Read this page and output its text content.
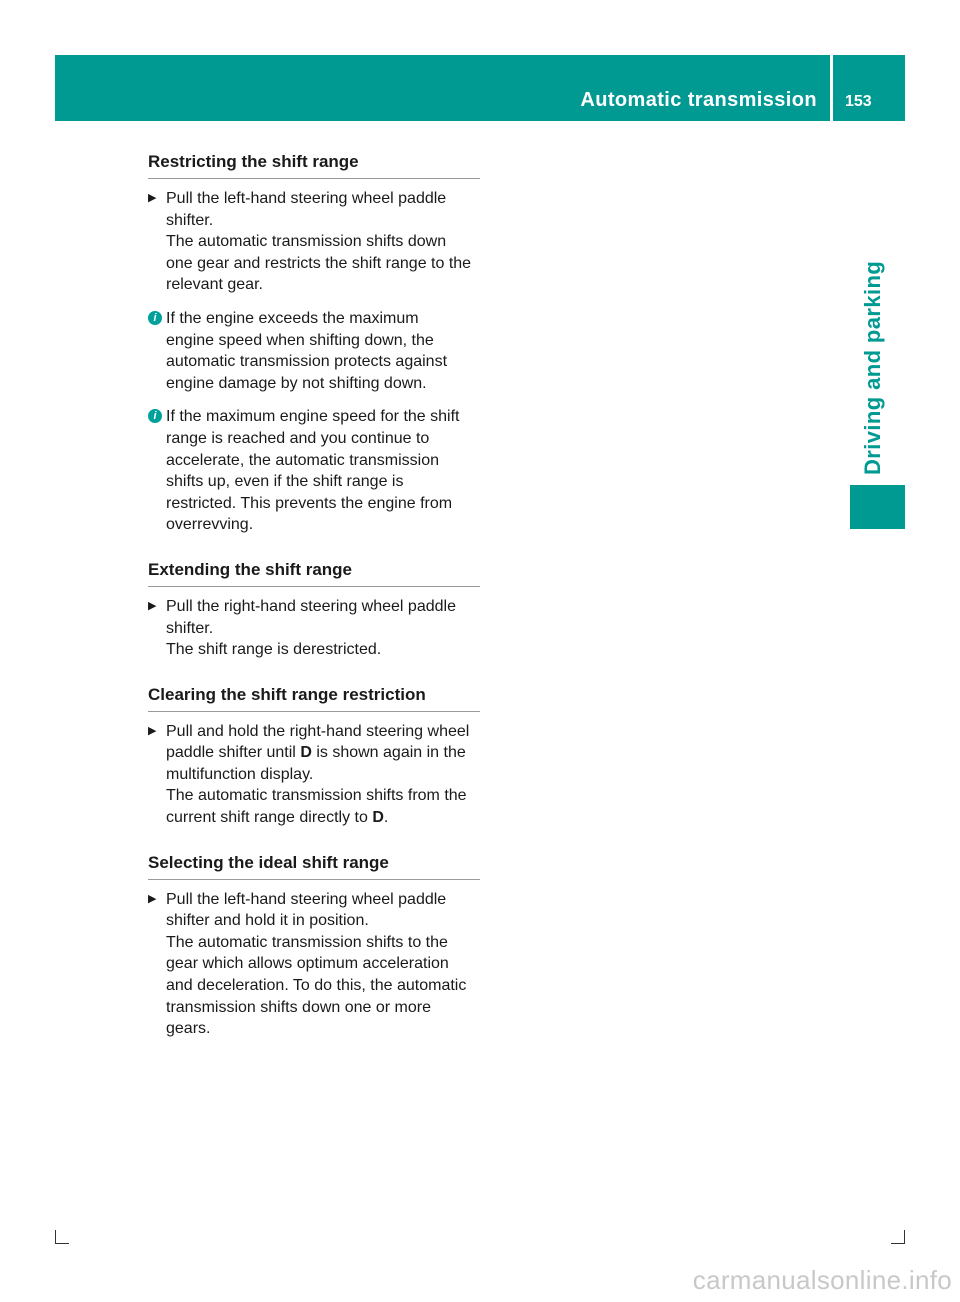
Automatic transmission 153
Driving and parking
Restricting the shift range
▶ Pull the left-hand steering wheel paddle
shifter.
The automatic transmission shifts down
one gear and restricts the shift range to the
relevant gear.
i If the engine exceeds the maximum
engine speed when shifting down, the
automatic transmission protects against
engine damage by not shifting down.
i If the maximum engine speed for the shift
range is reached and you continue to
accelerate, the automatic transmission
shifts up, even if the shift range is
restricted. This prevents the engine from
overrevving.
Extending the shift range
▶ Pull the right-hand steering wheel paddle
shifter.
The shift range is derestricted.
Clearing the shift range restriction
▶ Pull and hold the right-hand steering wheel
paddle shifter until D is shown again in the
multifunction display.
The automatic transmission shifts from the
current shift range directly to D.
Selecting the ideal shift range
▶ Pull the left-hand steering wheel paddle
shifter and hold it in position.
The automatic transmission shifts to the
gear which allows optimum acceleration
and deceleration. To do this, the automatic
transmission shifts down one or more
gears.
carmanualsonline.info
